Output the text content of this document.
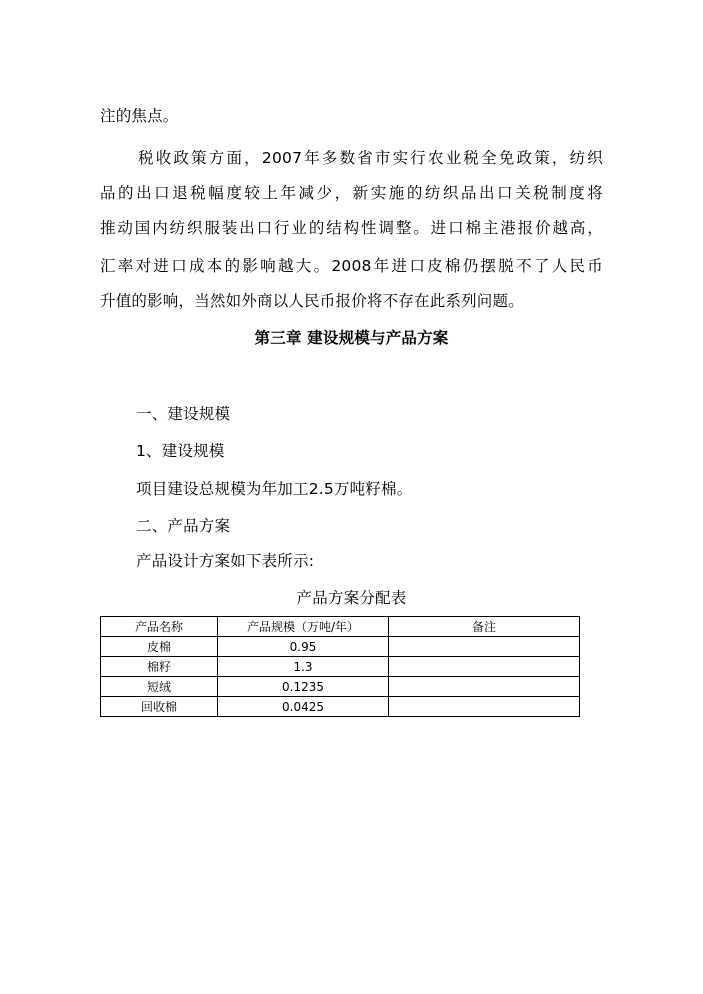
注的焦点。
税收政策方面，2007年多数省市实行农业税全免政策，纺织
品的出口退税幅度较上年减少，新实施的纺织品出口关税制度将
推动国内纺织服装出口行业的结构性调整。进口棉主港报价越高，
汇率对进口成本的影响越大。2008年进口皮棉仍摆脱不了人民币
升值的影响，当然如外商以人民币报价将不存在此系列问题。
第三章 建设规模与产品方案
一、建设规模
1、建设规模
项目建设总规模为年加工2.5万吨籽棉。
二、产品方案
产品设计方案如下表所示:
产品方案分配表
产品名称	产品规模（万吨/年）	备注
皮棉	0.95	
棉籽	1.3	
短绒	0.1235	
回收棉	0.0425	
